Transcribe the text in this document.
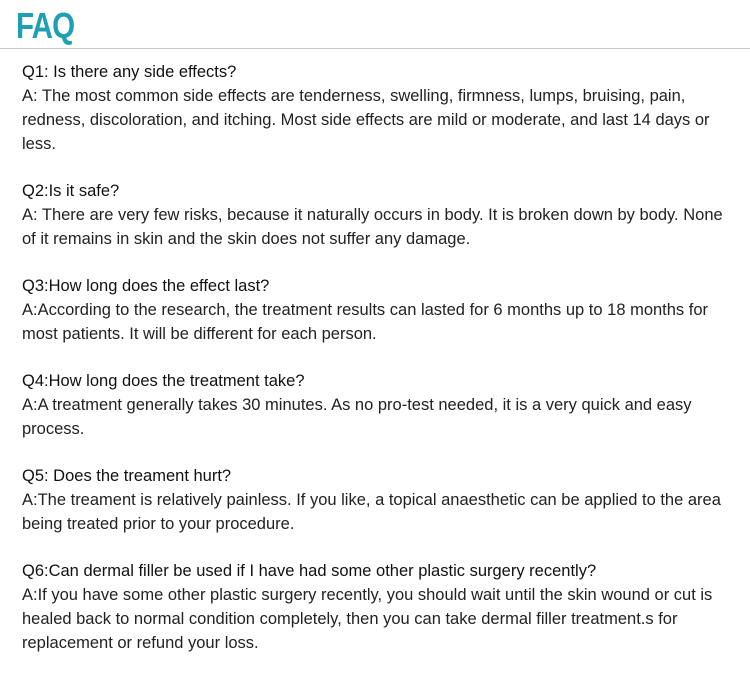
FAQ
Q1: Is there any side effects?
A: The most common side effects are tenderness, swelling, firmness, lumps, bruising, pain, redness, discoloration, and itching. Most side effects are mild or moderate, and last 14 days or less.
Q2:Is it safe?
A: There are very few risks, because it naturally occurs in body. It is broken down by body. None of it remains in skin and the skin does not suffer any damage.
Q3:How long does the effect last?
A:According to the research, the treatment results can lasted for 6 months up to 18 months for most patients. It will be different for each person.
Q4:How long does the treatment take?
A:A treatment generally takes 30 minutes. As no pro-test needed, it is a very quick and easy process.
Q5: Does the treament hurt?
A:The treament is relatively painless. If you like, a topical anaesthetic can be applied to the area being treated prior to your procedure.
Q6:Can dermal filler be used if I have had some other plastic surgery recently?
A:If you have some other plastic surgery recently, you should wait until the skin wound or cut is healed back to normal condition completely, then you can take dermal filler treatment.s for replacement or refund your loss.
